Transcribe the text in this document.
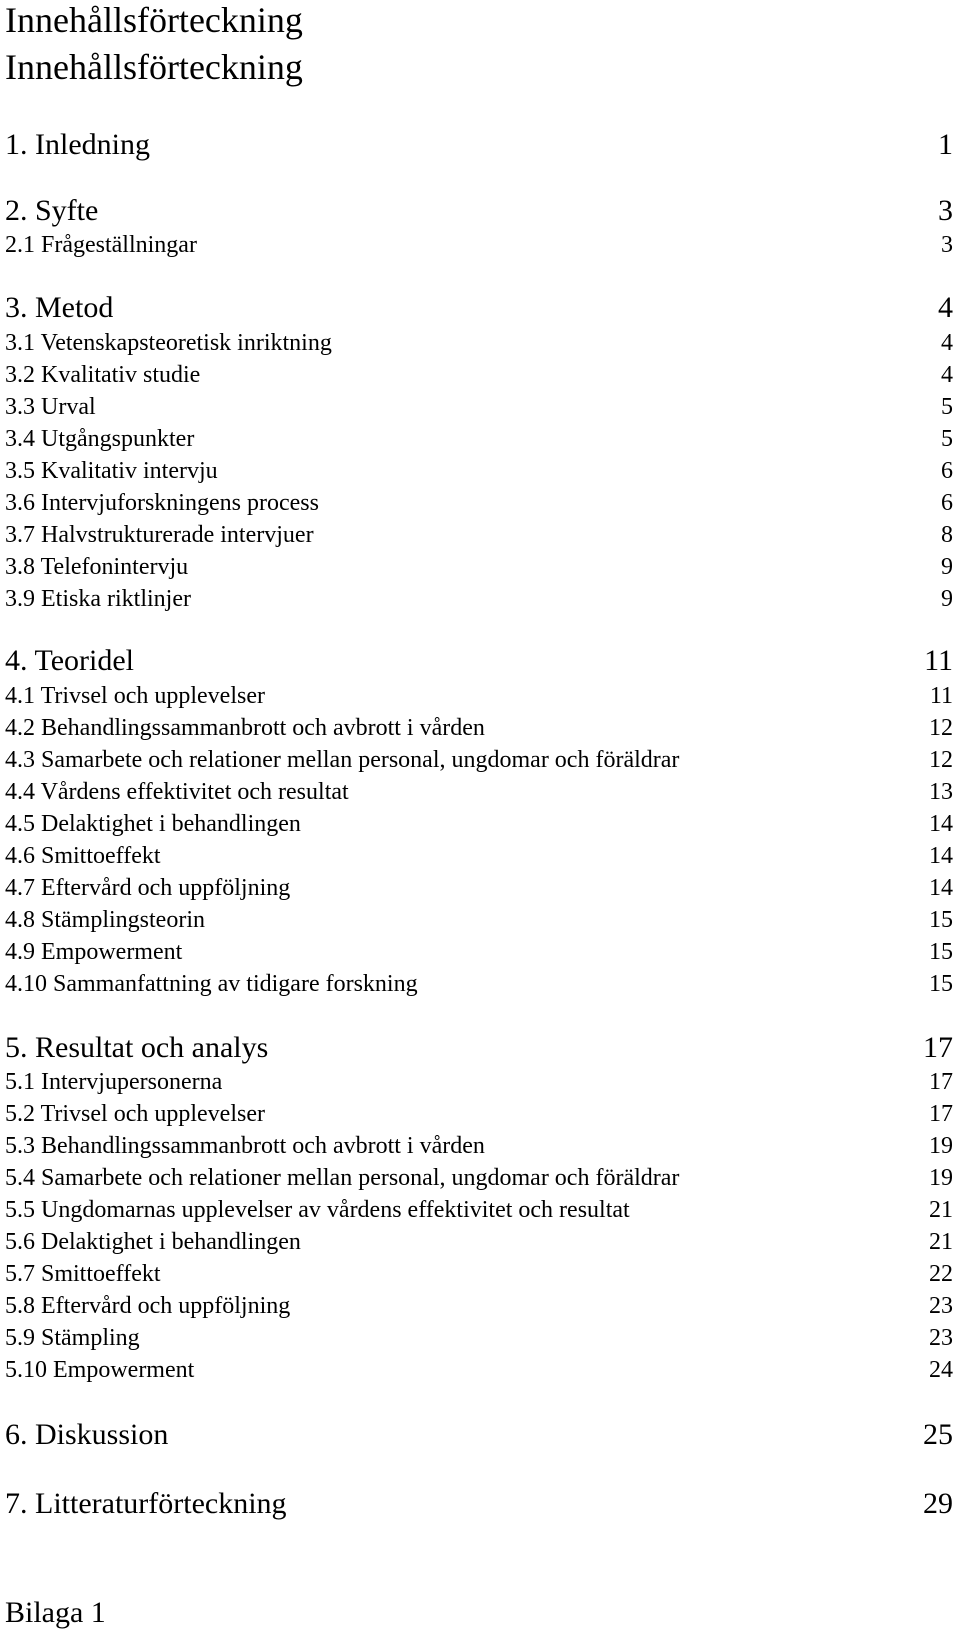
Innehållsförteckning
Innehållsförteckning
1. Inledning	1
2. Syfte	3
2.1 Frågeställningar	3
3. Metod	4
3.1 Vetenskapsteoretisk inriktning	4
3.2 Kvalitativ studie	4
3.3 Urval	5
3.4 Utgångspunkter	5
3.5 Kvalitativ intervju	6
3.6 Intervjuforskningens process	6
3.7 Halvstrukturerade intervjuer	8
3.8 Telefonintervju	9
3.9 Etiska riktlinjer	9
4. Teoridel	11
4.1 Trivsel och upplevelser	11
4.2 Behandlingssammanbrott och avbrott i vården	12
4.3 Samarbete och relationer mellan personal, ungdomar och föräldrar	12
4.4 Vårdens effektivitet och resultat	13
4.5 Delaktighet i behandlingen	14
4.6 Smittoeffekt	14
4.7 Eftervård och uppföljning	14
4.8 Stämplingsteorin	15
4.9 Empowerment	15
4.10 Sammanfattning av tidigare forskning	15
5. Resultat och analys	17
5.1 Intervjupersonerna	17
5.2 Trivsel och upplevelser	17
5.3 Behandlingssammanbrott och avbrott i vården	19
5.4 Samarbete och relationer mellan personal, ungdomar och föräldrar	19
5.5 Ungdomarnas upplevelser av vårdens effektivitet och resultat	21
5.6 Delaktighet i behandlingen	21
5.7 Smittoeffekt	22
5.8 Eftervård och uppföljning	23
5.9 Stämpling	23
5.10 Empowerment	24
6. Diskussion	25
7. Litteraturförteckning	29
Bilaga 1
